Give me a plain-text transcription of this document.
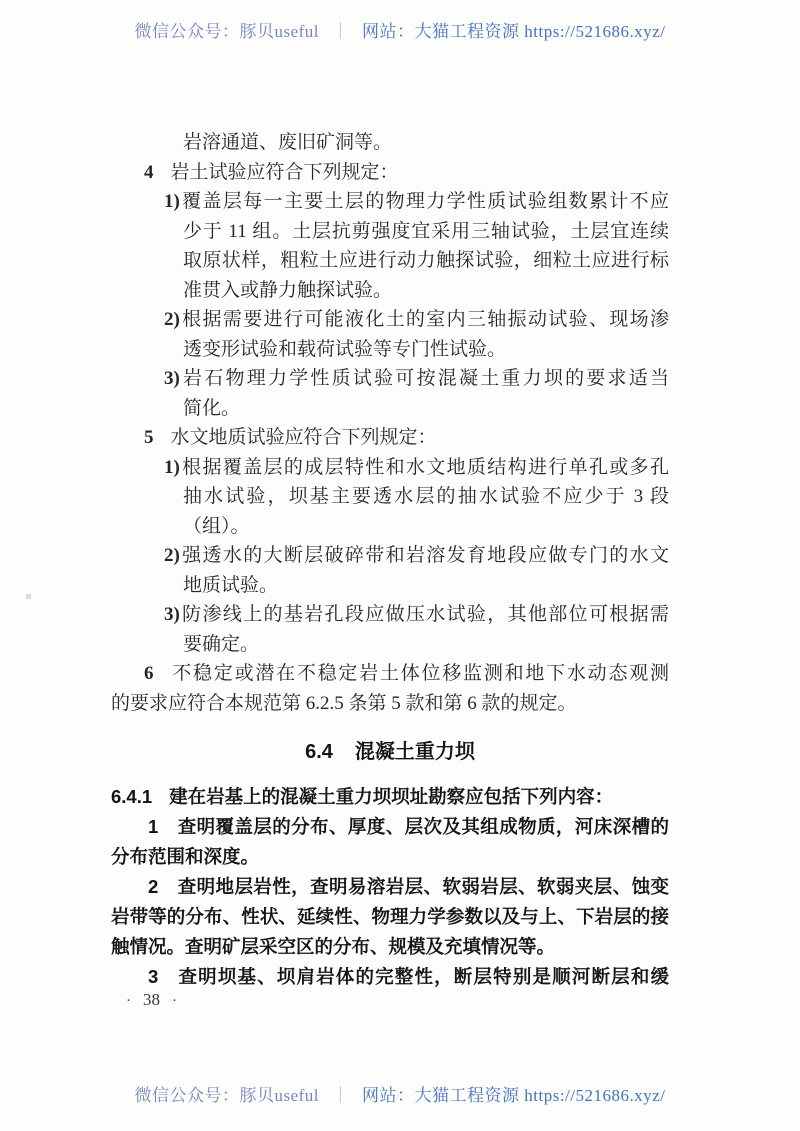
微信公众号：豚贝useful ｜ 网站：大猫工程资源 https://521686.xyz/
岩溶通道、废旧矿洞等。
4 岩土试验应符合下列规定：
1)覆盖层每一主要土层的物理力学性质试验组数累计不应
少于 11 组。土层抗剪强度宜采用三轴试验，土层宜连续
取原状样，粗粒土应进行动力触探试验，细粒土应进行标
准贯入或静力触探试验。
2)根据需要进行可能液化土的室内三轴振动试验、现场渗
透变形试验和载荷试验等专门性试验。
3)岩石物理力学性质试验可按混凝土重力坝的要求适当
简化。
5 水文地质试验应符合下列规定：
1)根据覆盖层的成层特性和水文地质结构进行单孔或多孔
抽水试验，坝基主要透水层的抽水试验不应少于 3 段
（组）。
2)强透水的大断层破碎带和岩溶发育地段应做专门的水文
地质试验。
3)防渗线上的基岩孔段应做压水试验，其他部位可根据需
要确定。
6 不稳定或潜在不稳定岩土体位移监测和地下水动态观测
的要求应符合本规范第 6.2.5 条第 5 款和第 6 款的规定。
6.4 混凝土重力坝
6.4.1 建在岩基上的混凝土重力坝坝址勘察应包括下列内容：
1 查明覆盖层的分布、厚度、层次及其组成物质，河床深槽的
分布范围和深度。
2 查明地层岩性，查明易溶岩层、软弱岩层、软弱夹层、蚀变
岩带等的分布、性状、延续性、物理力学参数以及与上、下岩层的接
触情况。查明矿层采空区的分布、规模及充填情况等。
3 查明坝基、坝肩岩体的完整性，断层特别是顺河断层和缓
· 38 ·
微信公众号：豚贝useful ｜ 网站：大猫工程资源 https://521686.xyz/
